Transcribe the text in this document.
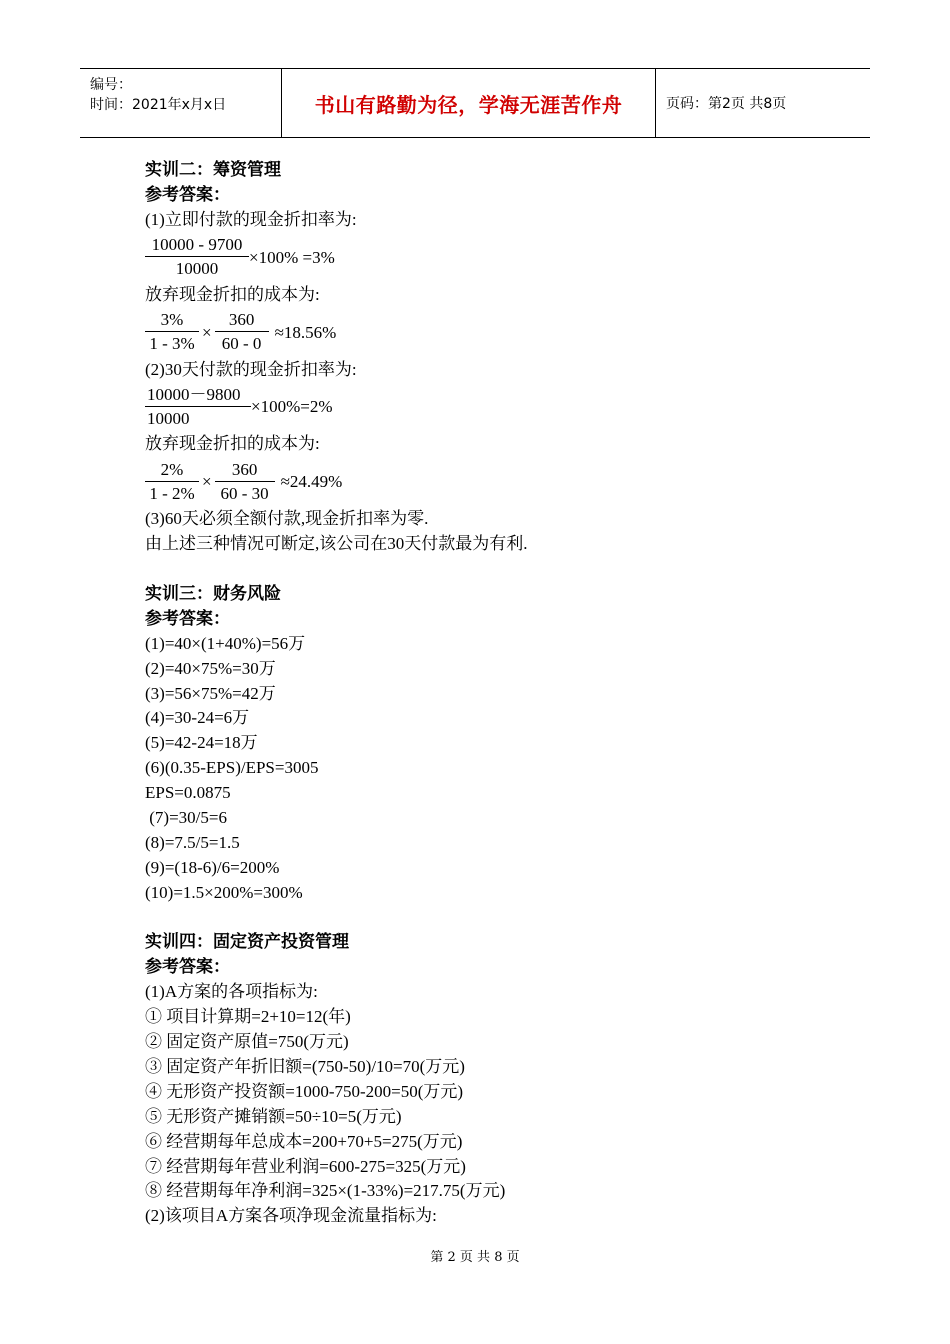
编号：
时间：2021年x月x日	书山有路勤为径，学海无涯苦作舟	页码：第2页 共8页
实训二：筹资管理
参考答案：
(1)立即付款的现金折扣率为:
$\frac{10000 - 9700}{10000} \times 100\% =3\%$
放弃现金折扣的成本为:
$\frac{3\%}{1 - 3\%} \times \frac{360}{60 - 0} \approx 18.56\%$
(2)30天付款的现金折扣率为:
$\frac{10000-9800}{10000} \times 100\%=2\%$
放弃现金折扣的成本为:
$\frac{2\%}{1 - 2\%} \times \frac{360}{60 - 30} \approx 24.49\%$
(3)60天必须全额付款,现金折扣率为零.
由上述三种情况可断定,该公司在30天付款最为有利.
实训三：财务风险
参考答案：
(1)=40×(1+40%)=56万
(2)=40×75%=30万
(3)=56×75%=42万
(4)=30-24=6万
(5)=42-24=18万
(6)(0.35-EPS)/EPS=3005
EPS=0.0875
(7)=30/5=6
(8)=7.5/5=1.5
(9)=(18-6)/6=200%
(10)=1.5×200%=300%
实训四：固定资产投资管理
参考答案：
(1)A方案的各项指标为:
① 项目计算期=2+10=12(年)
② 固定资产原值=750(万元)
③ 固定资产年折旧额=(750-50)/10=70(万元)
④ 无形资产投资额=1000-750-200=50(万元)
⑤ 无形资产摊销额=50÷10=5(万元)
⑥ 经营期每年总成本=200+70+5=275(万元)
⑦ 经营期每年营业利润=600-275=325(万元)
⑧ 经营期每年净利润=325×(1-33%)=217.75(万元)
(2)该项目A方案各项净现金流量指标为:
第 2 页 共 8 页
